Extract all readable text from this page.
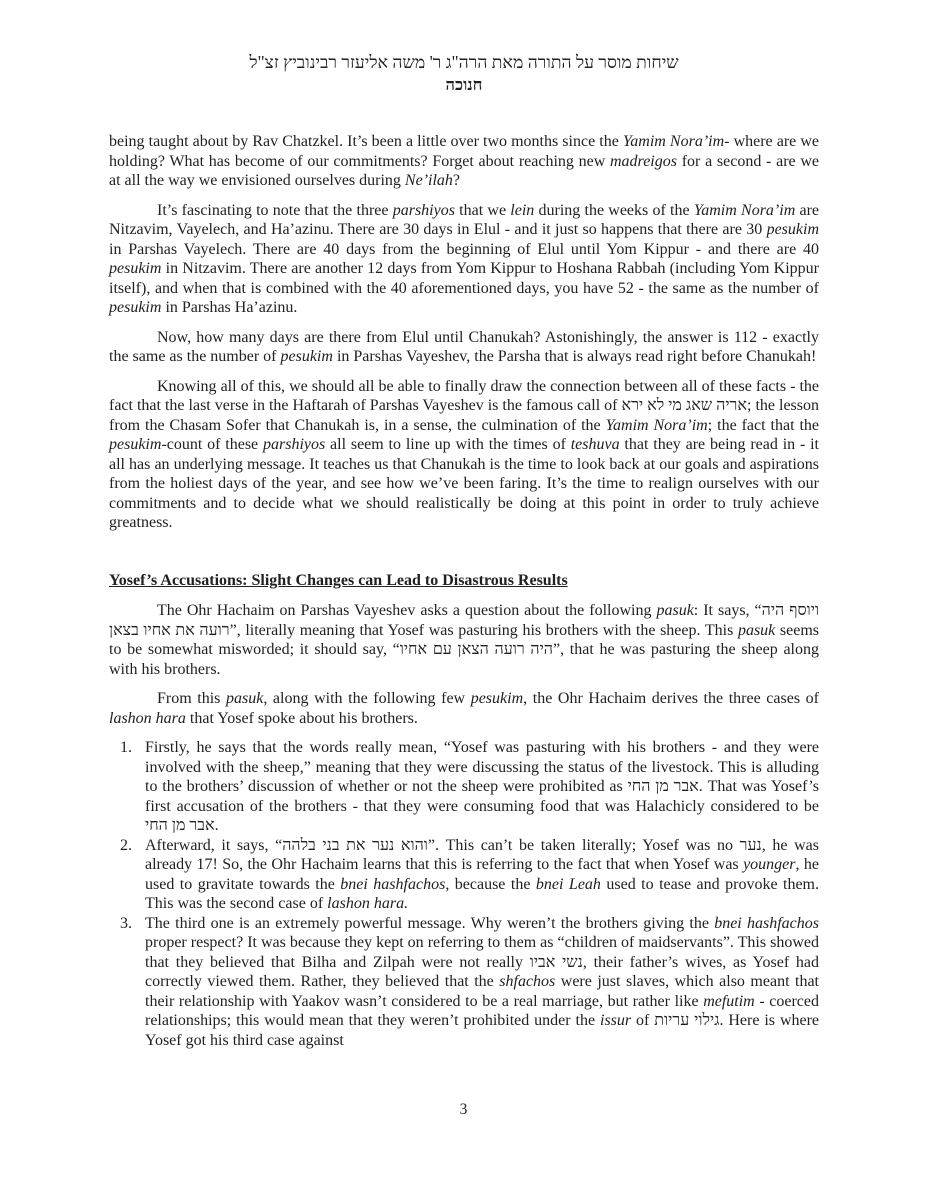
שיחות מוסר על התורה מאת הרה"ג ר' משה אליעזר רבינוביץ זצ"ל
חנוכה

being taught about by Rav Chatzkel. It’s been a little over two months since the Yamim Nora’im- where are we holding? What has become of our commitments? Forget about reaching new madreigos for a second - are we at all the way we envisioned ourselves during Ne’ilah?

It’s fascinating to note that the three parshiyos that we lein during the weeks of the Yamim Nora’im are Nitzavim, Vayelech, and Ha’azinu. There are 30 days in Elul - and it just so happens that there are 30 pesukim in Parshas Vayelech. There are 40 days from the beginning of Elul until Yom Kippur - and there are 40 pesukim in Nitzavim. There are another 12 days from Yom Kippur to Hoshana Rabbah (including Yom Kippur itself), and when that is combined with the 40 aforementioned days, you have 52 - the same as the number of pesukim in Parshas Ha’azinu.

Now, how many days are there from Elul until Chanukah? Astonishingly, the answer is 112 - exactly the same as the number of pesukim in Parshas Vayeshev, the Parsha that is always read right before Chanukah!

Knowing all of this, we should all be able to finally draw the connection between all of these facts - the fact that the last verse in the Haftarah of Parshas Vayeshev is the famous call of אריה שאג מי לא ירא; the lesson from the Chasam Sofer that Chanukah is, in a sense, the culmination of the Yamim Nora’im; the fact that the pesukim-count of these parshiyos all seem to line up with the times of teshuva that they are being read in - it all has an underlying message. It teaches us that Chanukah is the time to look back at our goals and aspirations from the holiest days of the year, and see how we’ve been faring. It’s the time to realign ourselves with our commitments and to decide what we should realistically be doing at this point in order to truly achieve greatness.

Yosef’s Accusations: Slight Changes can Lead to Disastrous Results

The Ohr Hachaim on Parshas Vayeshev asks a question about the following pasuk: It says, “ויוסף היה רועה את אחיו בצאן”, literally meaning that Yosef was pasturing his brothers with the sheep. This pasuk seems to be somewhat misworded; it should say, “היה רועה הצאן עם אחיו”, that he was pasturing the sheep along with his brothers.

From this pasuk, along with the following few pesukim, the Ohr Hachaim derives the three cases of lashon hara that Yosef spoke about his brothers.

1. Firstly, he says that the words really mean, “Yosef was pasturing with his brothers - and they were involved with the sheep,” meaning that they were discussing the status of the livestock. This is alluding to the brothers’ discussion of whether or not the sheep were prohibited as אבר מן החי. That was Yosef’s first accusation of the brothers - that they were consuming food that was Halachicly considered to be אבר מן החי.
2. Afterward, it says, “והוא נער את בני בלהה”. This can’t be taken literally; Yosef was no נער, he was already 17! So, the Ohr Hachaim learns that this is referring to the fact that when Yosef was younger, he used to gravitate towards the bnei hashfachos, because the bnei Leah used to tease and provoke them. This was the second case of lashon hara.
3. The third one is an extremely powerful message. Why weren’t the brothers giving the bnei hashfachos proper respect? It was because they kept on referring to them as “children of maidservants”. This showed that they believed that Bilha and Zilpah were not really נשי אביו, their father’s wives, as Yosef had correctly viewed them. Rather, they believed that the shfachos were just slaves, which also meant that their relationship with Yaakov wasn’t considered to be a real marriage, but rather like mefutim - coerced relationships; this would mean that they weren’t prohibited under the issur of גילוי עריות. Here is where Yosef got his third case against
3
